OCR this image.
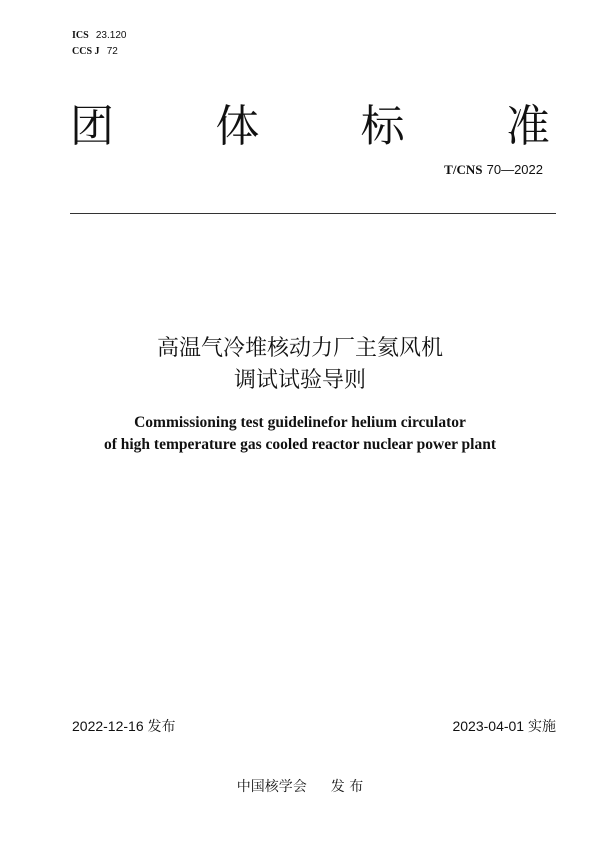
ICS 23.120
CCS J 72
团 体 标 准
T/CNS 70—2022
高温气冷堆核动力厂主氦风机
调试试验导则
Commissioning test guidelinefor helium circulator
of high temperature gas cooled reactor nuclear power plant
2022-12-16 发布	2023-04-01 实施
中国核学会 发 布
